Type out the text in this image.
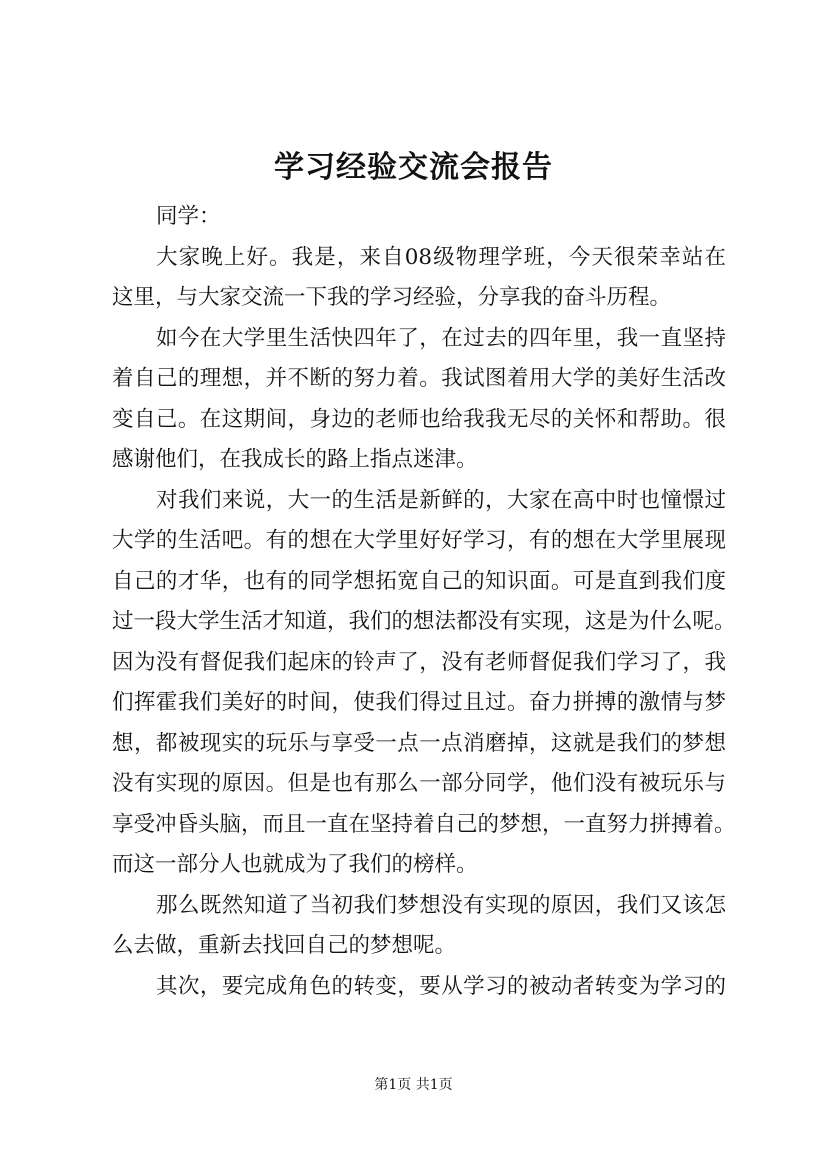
学习经验交流会报告
同学：
大家晚上好。我是，来自08级物理学班，今天很荣幸站在
这里，与大家交流一下我的学习经验，分享我的奋斗历程。
如今在大学里生活快四年了，在过去的四年里，我一直坚持
着自己的理想，并不断的努力着。我试图着用大学的美好生活改
变自己。在这期间，身边的老师也给我我无尽的关怀和帮助。很
感谢他们，在我成长的路上指点迷津。
对我们来说，大一的生活是新鲜的，大家在高中时也憧憬过
大学的生活吧。有的想在大学里好好学习，有的想在大学里展现
自己的才华，也有的同学想拓宽自己的知识面。可是直到我们度
过一段大学生活才知道，我们的想法都没有实现，这是为什么呢。
因为没有督促我们起床的铃声了，没有老师督促我们学习了，我
们挥霍我们美好的时间，使我们得过且过。奋力拼搏的激情与梦
想，都被现实的玩乐与享受一点一点消磨掉，这就是我们的梦想
没有实现的原因。但是也有那么一部分同学，他们没有被玩乐与
享受冲昏头脑，而且一直在坚持着自己的梦想，一直努力拼搏着。
而这一部分人也就成为了我们的榜样。
那么既然知道了当初我们梦想没有实现的原因，我们又该怎
么去做，重新去找回自己的梦想呢。
其次，要完成角色的转变，要从学习的被动者转变为学习的
第1页 共1页
